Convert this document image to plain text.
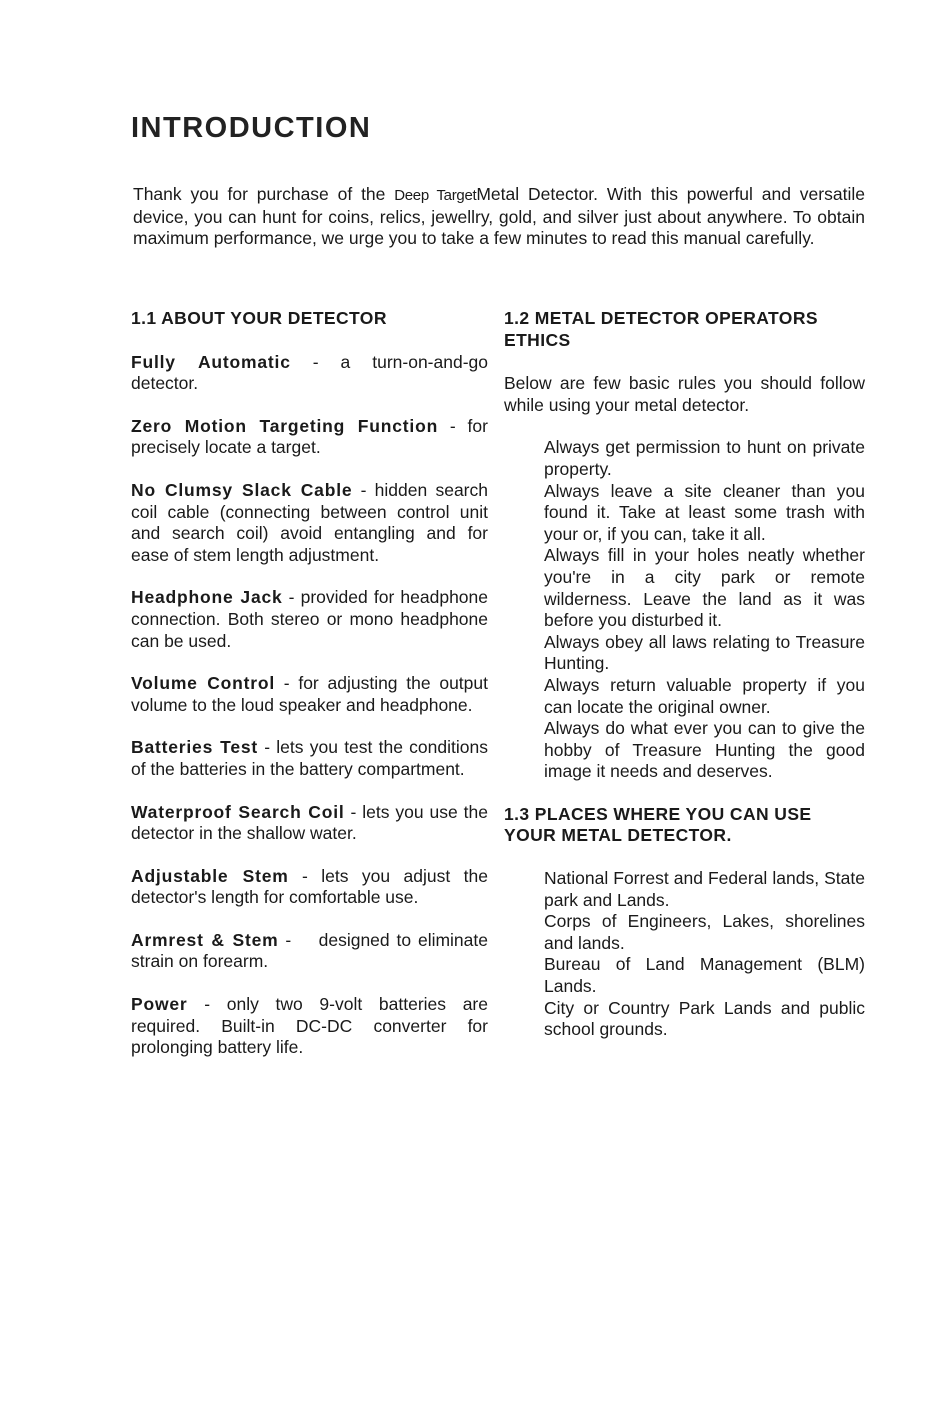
INTRODUCTION

Thank you for purchase of the Deep TargetMetal Detector. With this powerful and versatile device, you can hunt for coins, relics, jewellry, gold, and silver just about anywhere. To obtain maximum performance, we urge you to take a few minutes to read this manual carefully.

1.1 ABOUT YOUR DETECTOR

Fully Automatic - a turn-on-and-go detector.

Zero Motion Targeting Function - for precisely locate a target.

No Clumsy Slack Cable - hidden search coil cable (connecting between control unit and search coil) avoid entangling and for ease of stem length adjustment.

Headphone Jack - provided for headphone connection. Both stereo or mono headphone can be used.

Volume Control - for adjusting the output volume to the loud speaker and headphone.

Batteries Test - lets you test the conditions of the batteries in the battery compartment.

Waterproof Search Coil - lets you use the detector in the shallow water.

Adjustable Stem - lets you adjust the detector's length for comfortable use.

Armrest & Stem -    designed to eliminate strain on forearm.

Power - only two 9-volt batteries are required. Built-in DC-DC converter for prolonging battery life.

1.2 METAL DETECTOR OPERATORS ETHICS

Below are few basic rules you should follow while using your metal detector.

Always get permission to hunt on private property.
Always leave a site cleaner than you found it. Take at least some trash with your or, if you can, take it all.
Always fill in your holes neatly whether you're in a city park or remote wilderness. Leave the land as it was before you disturbed it.
Always obey all laws relating to Treasure Hunting.
Always return valuable property if you can locate the original owner.
Always do what ever you can to give the hobby of Treasure Hunting the good image it needs and deserves.
1.3 PLACES WHERE YOU CAN USE YOUR METAL DETECTOR.
National Forrest and Federal lands, State park and Lands.
Corps of Engineers, Lakes, shorelines and lands.
Bureau of Land Management (BLM) Lands.
City or Country Park Lands and public school grounds.
